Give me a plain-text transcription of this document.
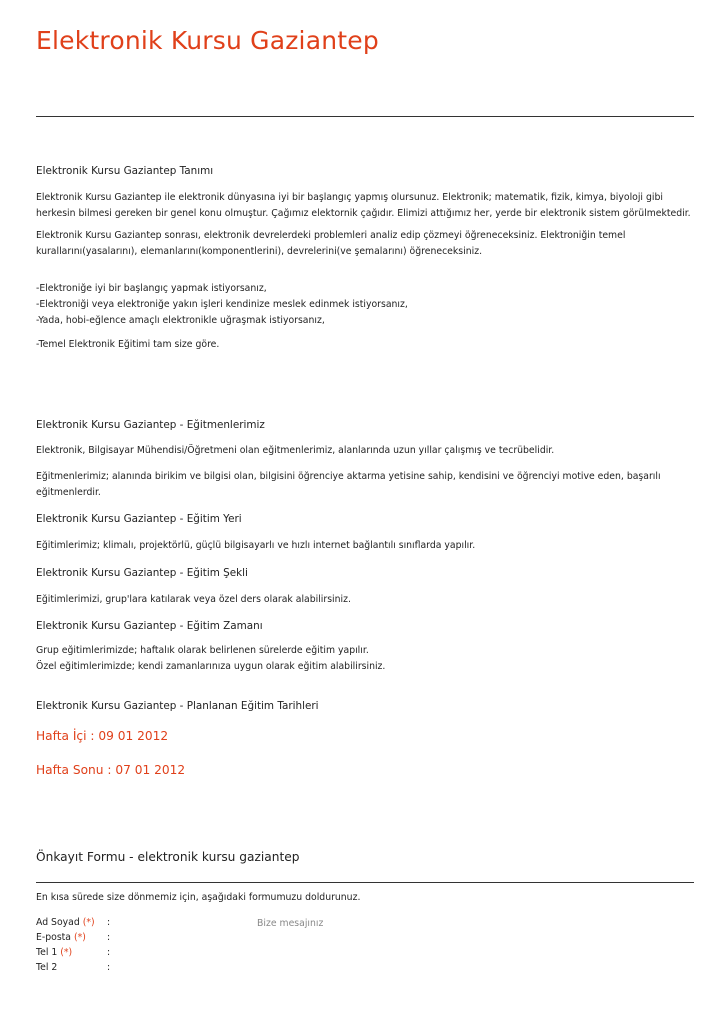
Elektronik Kursu Gaziantep
Elektronik Kursu Gaziantep Tanımı

Elektronik Kursu Gaziantep ile elektronik dünyasına iyi bir başlangıç yapmış olursunuz. Elektronik; matematik, fizik, kimya, biyoloji gibi
herkesin bilmesi gereken bir genel konu olmuştur. Çağımız elektornik çağıdır. Elimizi attığımız her, yerde bir elektronik sistem görülmektedir.

Elektronik Kursu Gaziantep sonrası, elektronik devrelerdeki problemleri analiz edip çözmeyi öğreneceksiniz. Elektroniğin temel
kurallarını(yasalarını), elemanlarını(komponentlerini), devrelerini(ve şemalarını) öğreneceksiniz.

-Elektroniğe iyi bir başlangıç yapmak istiyorsanız,
-Elektroniği veya elektroniğe yakın işleri kendinize meslek edinmek istiyorsanız,
-Yada, hobi-eğlence amaçlı elektronikle uğraşmak istiyorsanız,

-Temel Elektronik Eğitimi tam size göre.

Elektronik Kursu Gaziantep - Eğitmenlerimiz

Elektronik, Bilgisayar Mühendisi/Öğretmeni olan eğitmenlerimiz, alanlarında uzun yıllar çalışmış ve tecrübelidir.

Eğitmenlerimiz; alanında birikim ve bilgisi olan, bilgisini öğrenciye aktarma yetisine sahip, kendisini ve öğrenciyi motive eden, başarılı
eğitmenlerdir.

Elektronik Kursu Gaziantep - Eğitim Yeri

Eğitimlerimiz; klimalı, projektörlü, güçlü bilgisayarlı ve hızlı internet bağlantılı sınıflarda yapılır.

Elektronik Kursu Gaziantep - Eğitim Şekli

Eğitimlerimizi, grup'lara katılarak veya özel ders olarak alabilirsiniz.

Elektronik Kursu Gaziantep - Eğitim Zamanı

Grup eğitimlerimizde; haftalık olarak belirlenen sürelerde eğitim yapılır.
Özel eğitimlerimizde; kendi zamanlarınıza uygun olarak eğitim alabilirsiniz.

Elektronik Kursu Gaziantep - Planlanan Eğitim Tarihleri

Hafta İçi : 09 01 2012

Hafta Sonu : 07 01 2012

Önkayıt Formu - elektronik kursu gaziantep

En kısa sürede size dönmemiz için, aşağıdaki formumuzu doldurunuz.

Ad Soyad (*) :
E-posta (*) :
Tel 1 (*)	:
Tel 2	:
Bize mesajınız
